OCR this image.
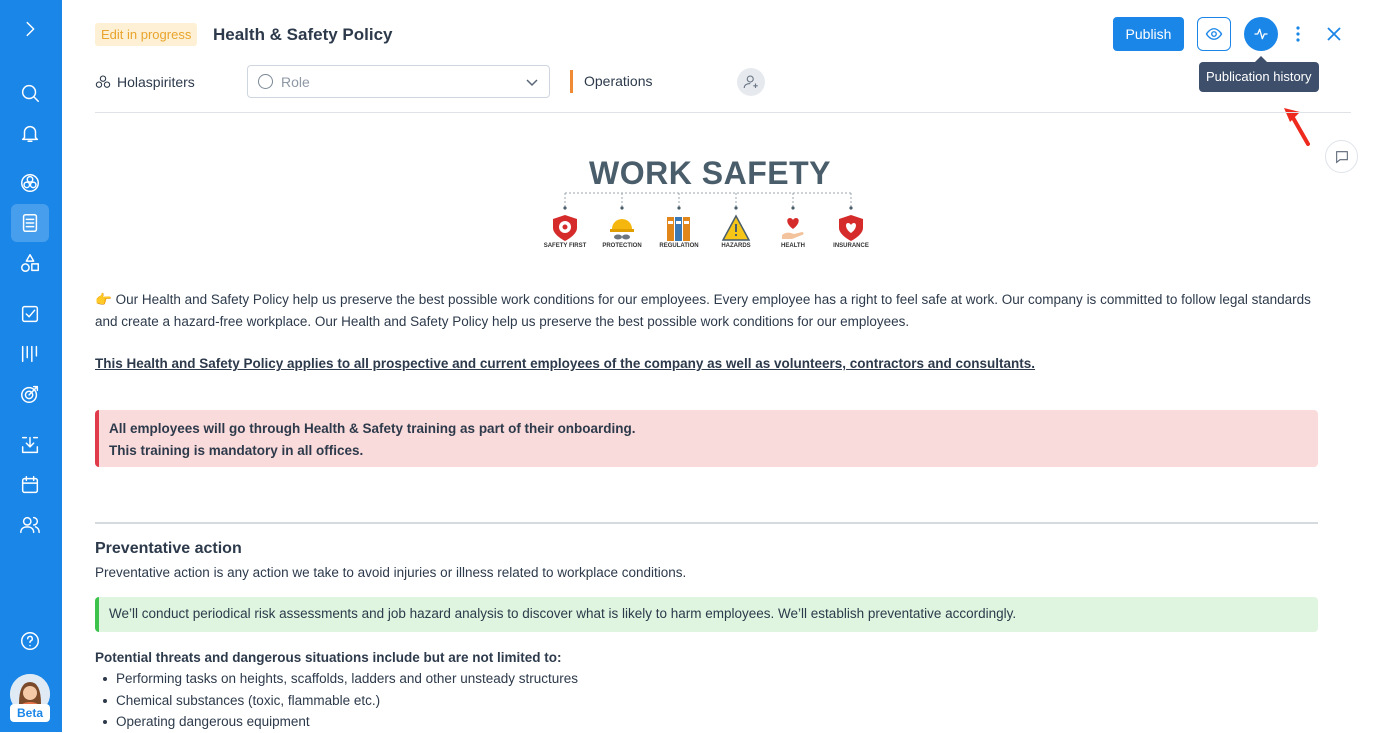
Beta
Edit in progress	Health & Safety Policy	Publish
Publication history
Holaspiriters	Role	Operations
WORK SAFETY
SAFETY FIRST	PROTECTION	REGULATION	HAZARDS	HEALTH	INSURANCE
👉 Our Health and Safety Policy help us preserve the best possible work conditions for our employees. Every employee has a right to feel safe at work. Our company is committed to follow legal standards and create a hazard-free workplace. Our Health and Safety Policy help us preserve the best possible work conditions for our employees.
This Health and Safety Policy applies to all prospective and current employees of the company as well as volunteers, contractors and consultants.
All employees will go through Health & Safety training as part of their onboarding.
This training is mandatory in all offices.
Preventative action
Preventative action is any action we take to avoid injuries or illness related to workplace conditions.
We’ll conduct periodical risk assessments and job hazard analysis to discover what is likely to harm employees. We’ll establish preventative accordingly.
Potential threats and dangerous situations include but are not limited to:
Performing tasks on heights, scaffolds, ladders and other unsteady structures
Chemical substances (toxic, flammable etc.)
Operating dangerous equipment
